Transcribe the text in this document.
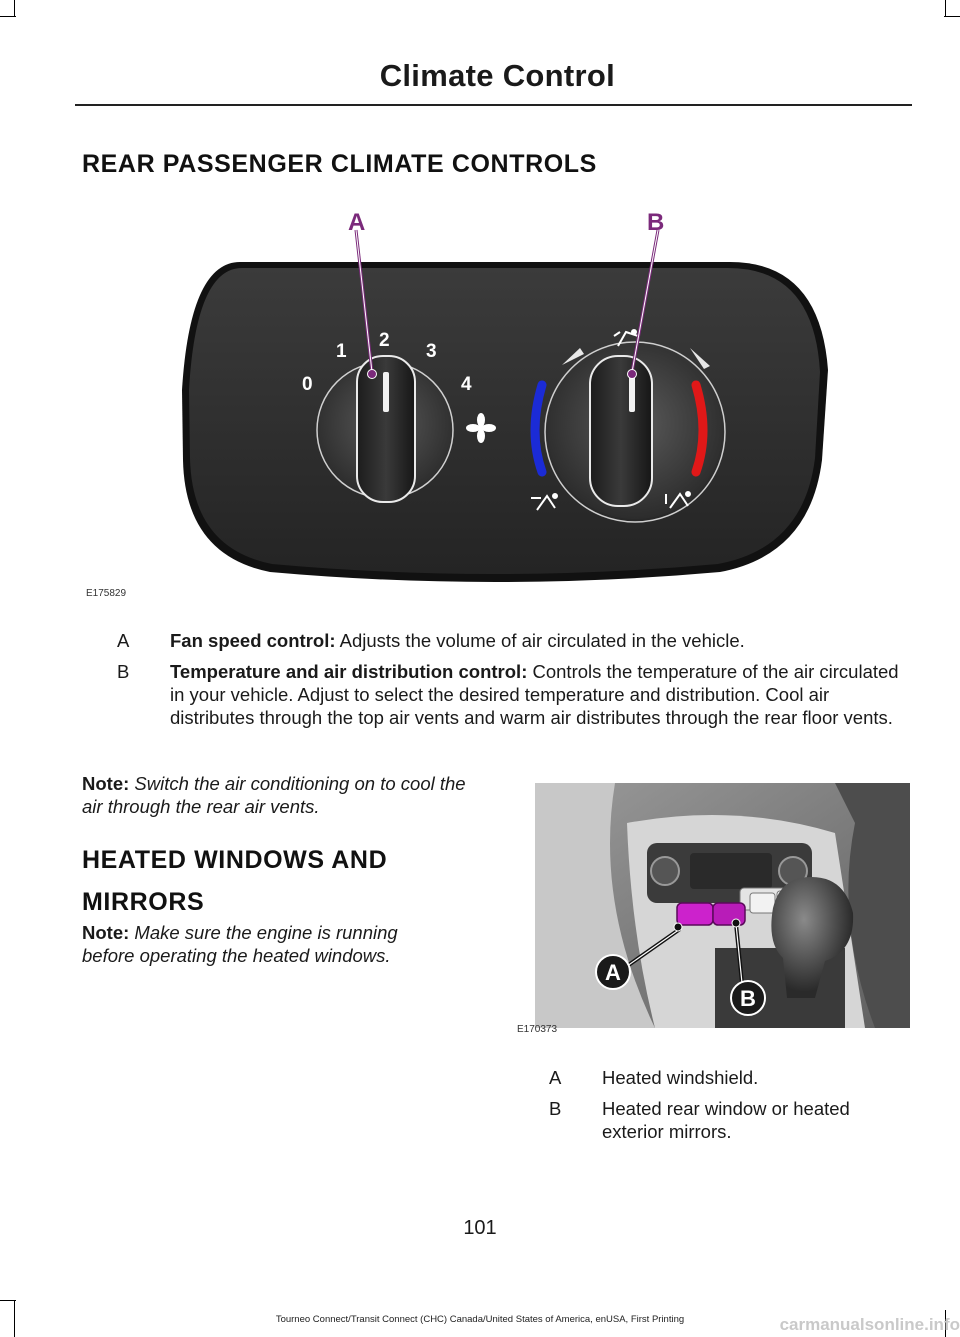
Climate Control
REAR PASSENGER CLIMATE CONTROLS
0
1
2
3
4
A	B
E175829
A	Fan speed control: Adjusts the volume of air circulated in the vehicle.
B	Temperature and air distribution control: Controls the temperature of the air circulated in your vehicle. Adjust to select the desired temperature and distribution. Cool air distributes through the top air vents and warm air distributes through the rear floor vents.
Note: Switch the air conditioning on to cool the air through the rear air vents.
HEATED WINDOWS AND
MIRRORS
Note: Make sure the engine is running before operating the heated windows.
A
B
E170373
A Heated windshield.
B Heated rear window or heated exterior mirrors.
101
Tourneo Connect/Transit Connect (CHC) Canada/United States of America, enUSA, First Printing	carmanualsonline.info
